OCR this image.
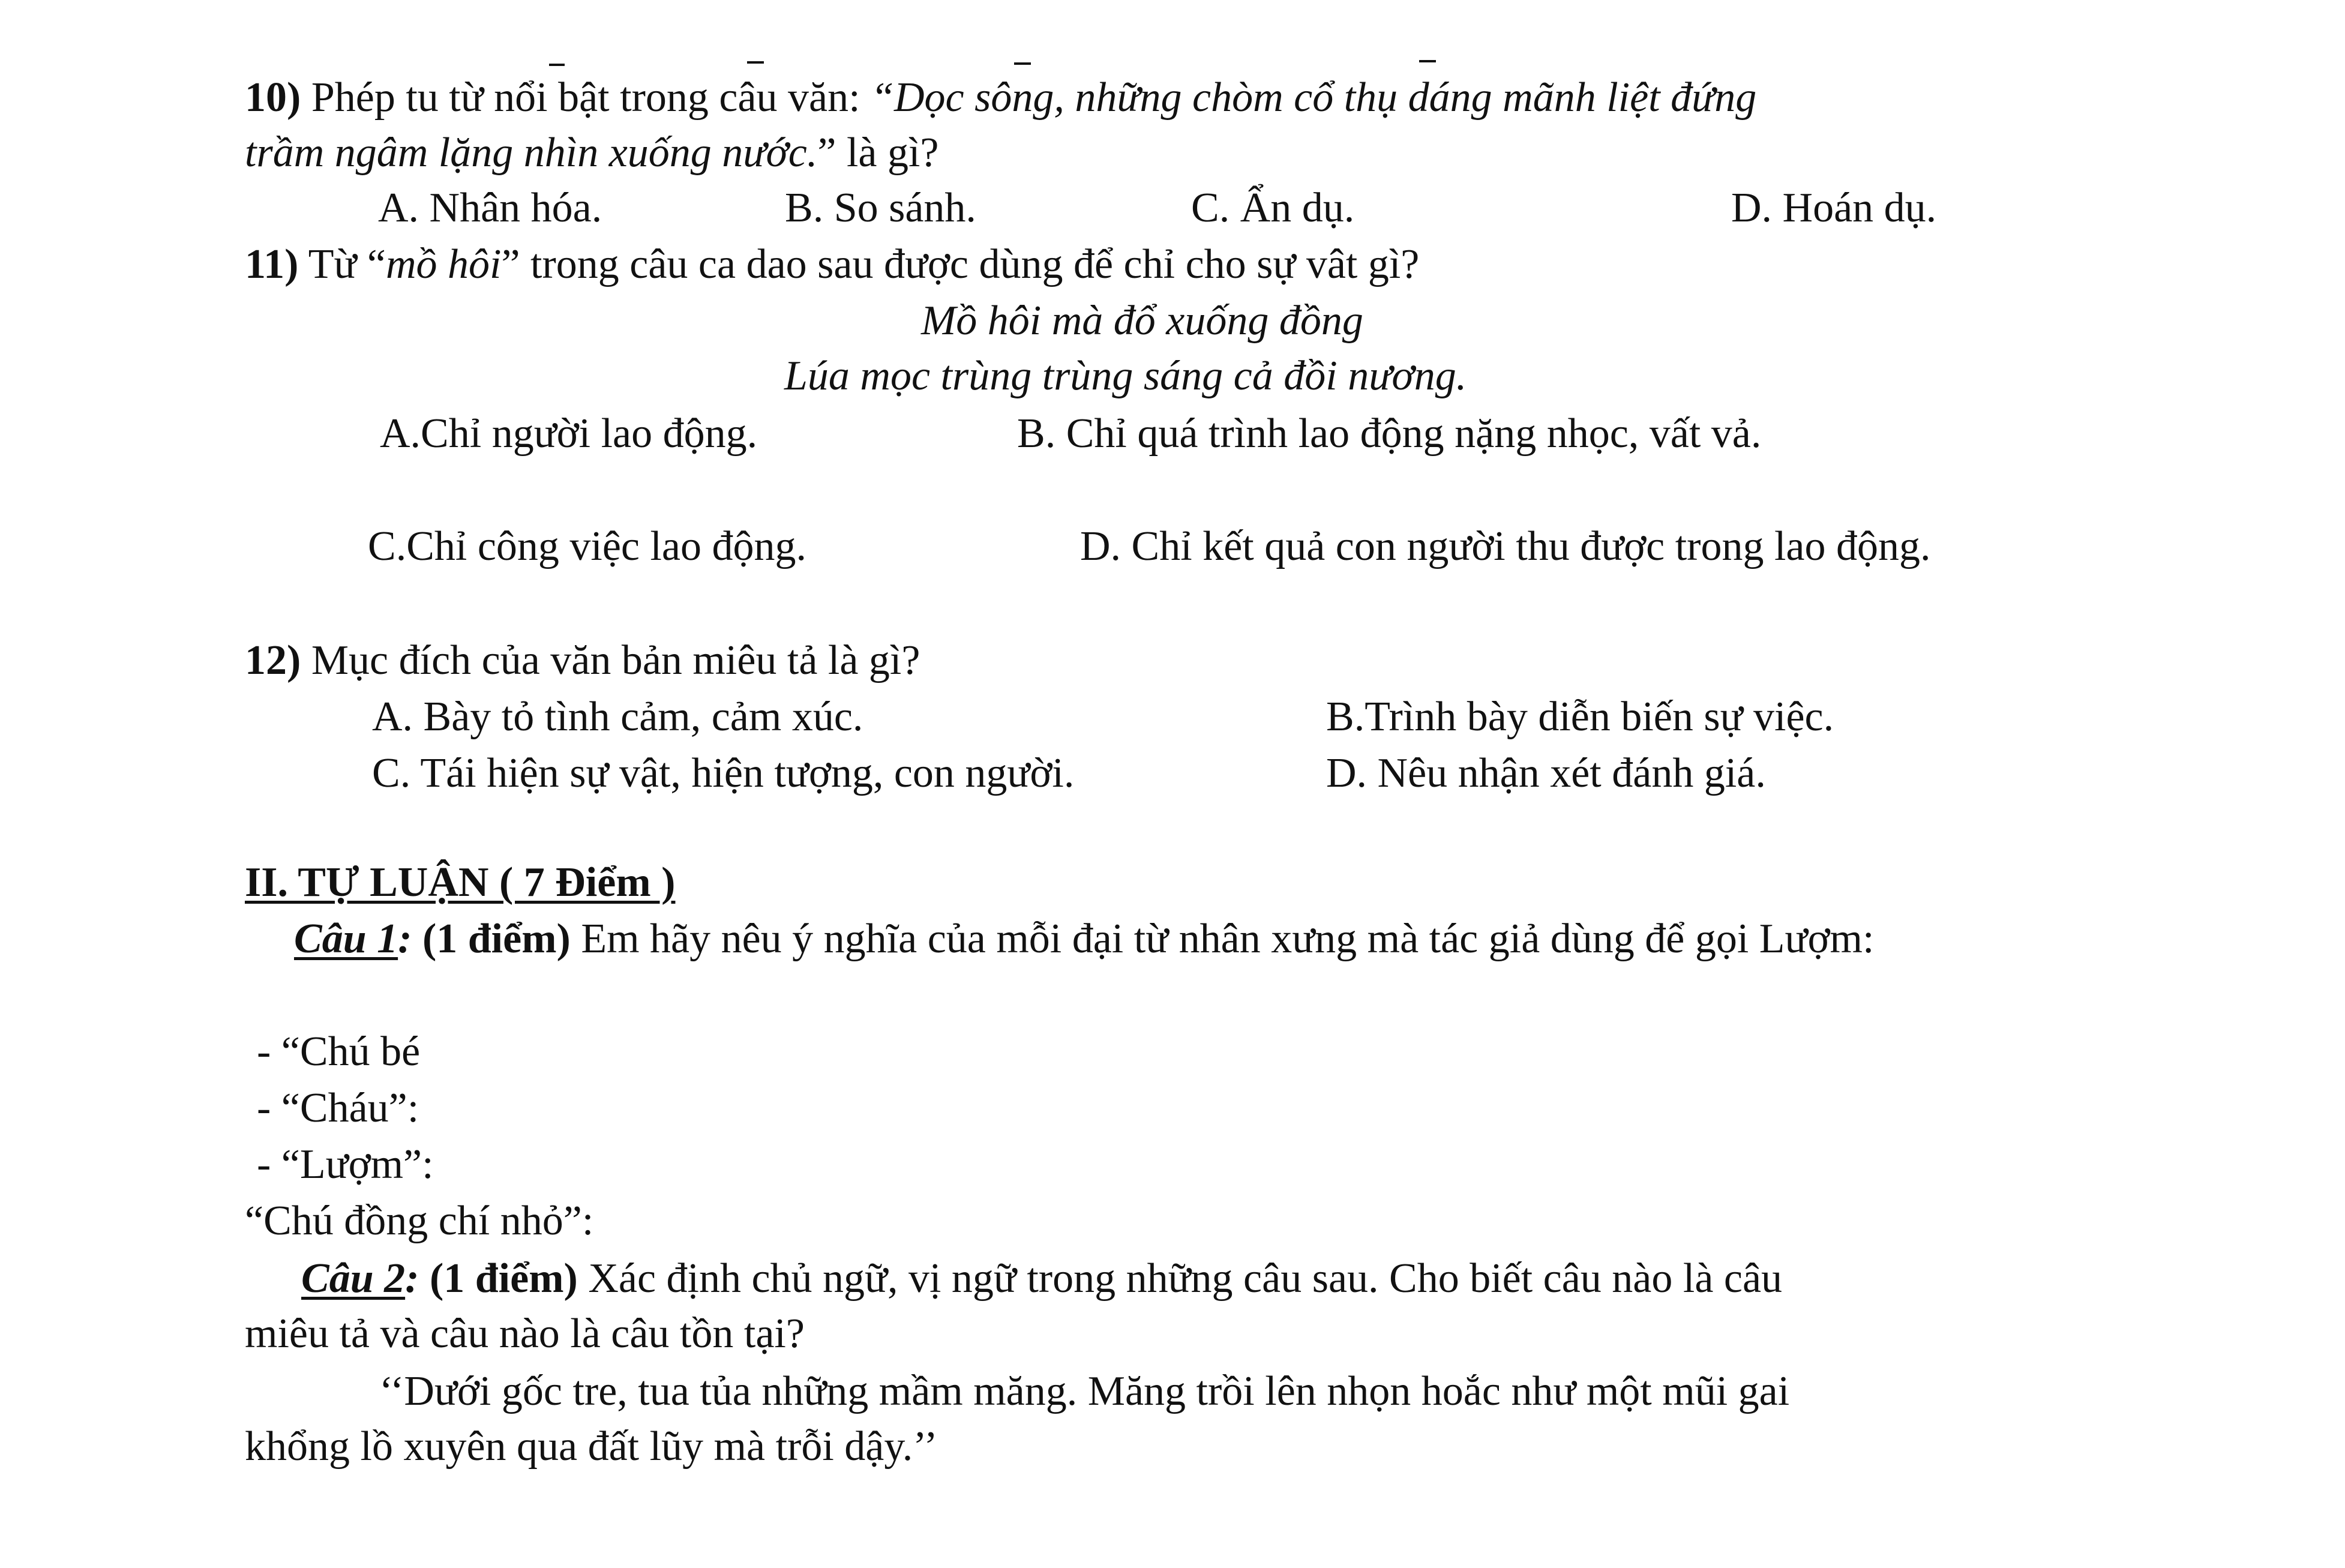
10) Phép tu từ nổi bật trong câu văn: “Dọc sông, những chòm cổ thụ dáng mãnh liệt đứng
trầm ngâm lặng nhìn xuống nước.” là gì?
A. Nhân hóa.	B. So sánh.	C. Ẩn dụ.	D. Hoán dụ.
11) Từ “mồ hôi” trong câu ca dao sau được dùng để chỉ cho sự vât gì?
Mồ hôi mà đổ xuống đồng
Lúa mọc trùng trùng sáng cả đồi nương.
A.Chỉ người lao động.	B. Chỉ quá trình lao động nặng nhọc, vất vả.
C.Chỉ công việc lao động.	D. Chỉ kết quả con người thu được trong lao động.
12) Mục đích của văn bản miêu tả là gì?
A. Bày tỏ tình cảm, cảm xúc.	B.Trình bày diễn biến sự việc.
C. Tái hiện sự vật, hiện tượng, con người.	D. Nêu nhận xét đánh giá.
II. TỰ LUẬN ( 7 Điểm )
Câu 1: (1 điểm) Em hãy nêu ý nghĩa của mỗi đại từ nhân xưng mà tác giả dùng để gọi Lượm:
- “Chú bé
- “Cháu”:
- “Lượm”:
“Chú đồng chí nhỏ”:
Câu 2: (1 điểm) Xác định chủ ngữ, vị ngữ trong những câu sau. Cho biết câu nào là câu
miêu tả và câu nào là câu tồn tại?
‘‘Dưới gốc tre, tua tủa những mầm măng. Măng trồi lên nhọn hoắc như một mũi gai
khổng lồ xuyên qua đất lũy mà trỗi dậy.’’
